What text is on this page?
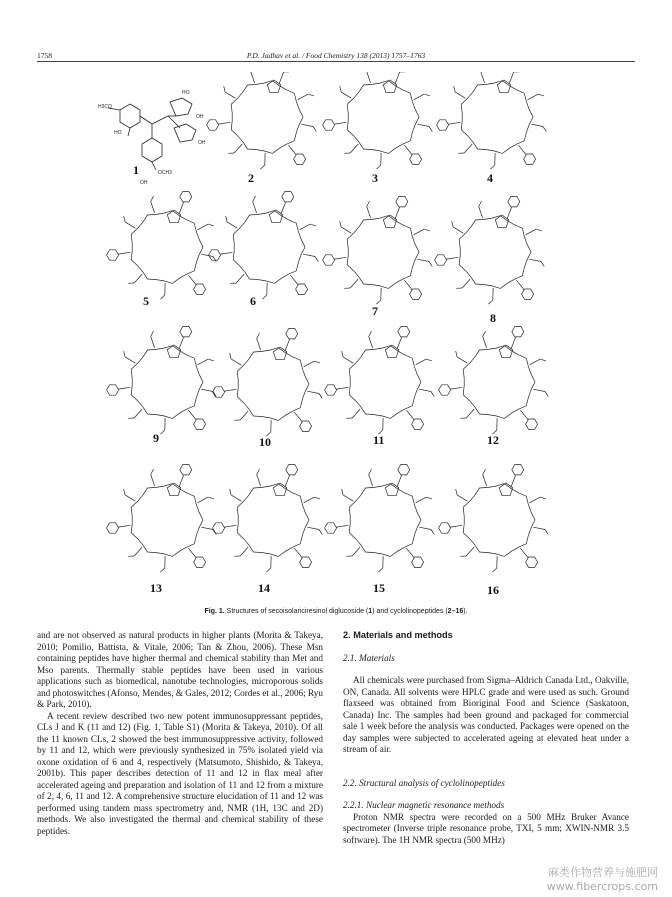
1758	P.D. Jadhav et al. / Food Chemistry 138 (2013) 1757–1763
H3CO
HO
OCH3
OH
HO
OH
OH
1
2	3	4
5	6
7	8
9	10	11	12
13	14	15	16
Fig. 1. Structures of secoisolariciresinol diglucoside (1) and cyclolinopeptides (2–16).

and are not observed as natural products in higher plants (Morita & Takeya, 2010; Pomilio, Battista, & Vitale, 2006; Tan & Zhou, 2006). These Msn containing peptides have higher thermal and chemical stability than Met and Mso parents. Thermally stable peptides have been used in various applications such as biomedical, nanotube technologies, microporous solids and photoswitches (Afonso, Mendes, & Gales, 2012; Cordes et al., 2006; Ryu & Park, 2010).

A recent review described two new potent immunosuppressant peptides, CLs J and K (11 and 12) (Fig. 1, Table S1) (Morita & Takeya, 2010). Of all the 11 known CLs, 2 showed the best immunosuppressive activity, followed by 11 and 12, which were previously synthesized in 75% isolated yield via oxone oxidation of 6 and 4, respectively (Matsumoto, Shishido, & Takeya, 2001b). This paper describes detection of 11 and 12 in flax meal after accelerated ageing and preparation and isolation of 11 and 12 from a mixture of 2, 4, 6, 11 and 12. A comprehensive structure elucidation of 11 and 12 was performed using tandem mass spectrometry and, NMR (1H, 13C and 2D) methods. We also investigated the thermal and chemical stability of these peptides.

2. Materials and methods

2.1. Materials

All chemicals were purchased from Sigma–Aldrich Canada Ltd., Oakville, ON, Canada. All solvents were HPLC grade and were used as such. Ground flaxseed was obtained from Bioriginal Food and Science (Saskatoon, Canada) Inc. The samples had been ground and packaged for commercial sale 1 week before the analysis was conducted. Packages were opened on the day samples were subjected to accelerated ageing at elevated heat under a stream of air.

2.2. Structural analysis of cyclolinopeptides

2.2.1. Nuclear magnetic resonance methods

Proton NMR spectra were recorded on a 500 MHz Bruker Avance spectrometer (Inverse triple resonance probe, TXI, 5 mm; XWIN-NMR 3.5 software). The 1H NMR spectra (500 MHz)

麻类作物营养与施肥网
www.fibercrops.com
